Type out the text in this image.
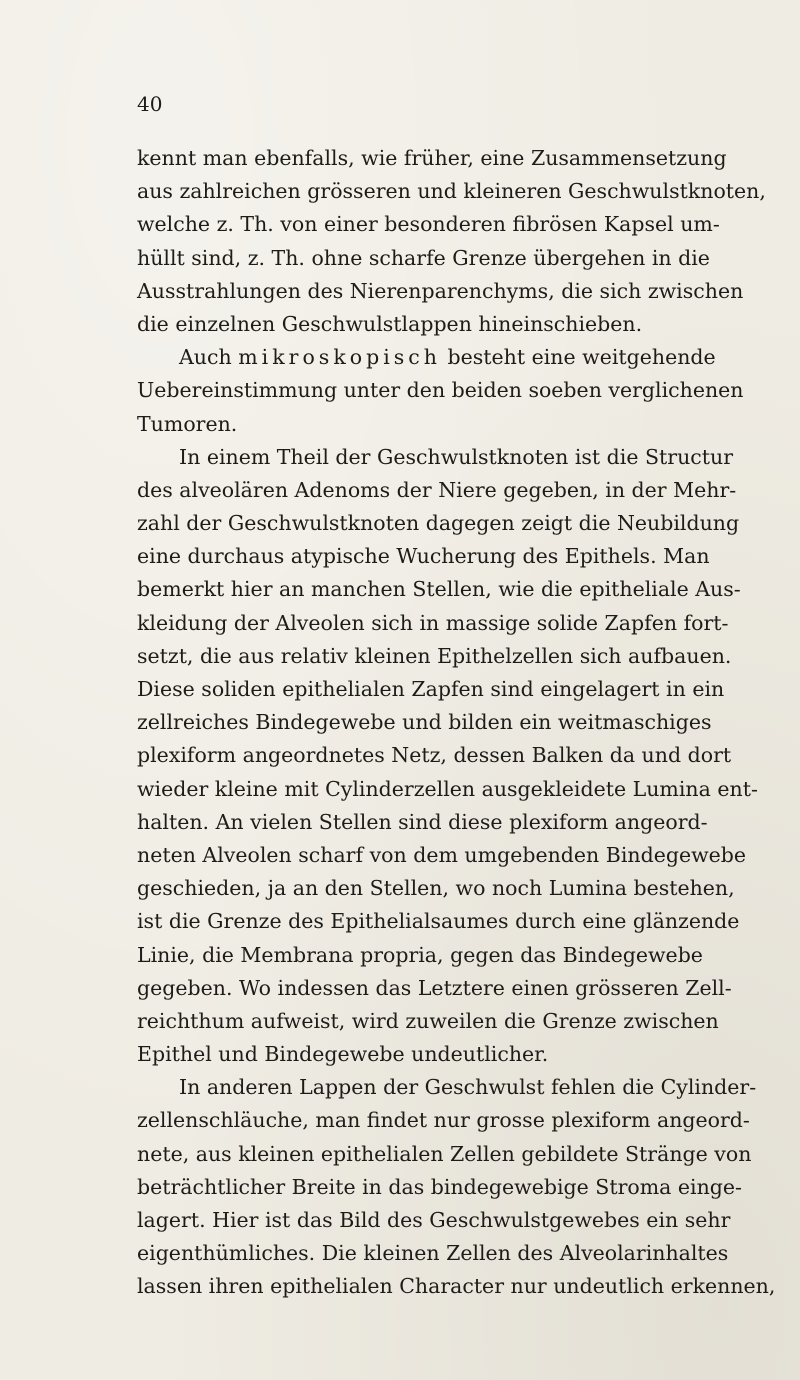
40
kennt man ebenfalls, wie früher, eine Zusammensetzung
aus zahlreichen grösseren und kleineren Geschwulstknoten,
welche z. Th. von einer besonderen fibrösen Kapsel um-
hüllt sind, z. Th. ohne scharfe Grenze übergehen in die
Ausstrahlungen des Nierenparenchyms, die sich zwischen
die einzelnen Geschwulstlappen hineinschieben.
Auch mikroskopisch besteht eine weitgehende
Uebereinstimmung unter den beiden soeben verglichenen
Tumoren.
In einem Theil der Geschwulstknoten ist die Structur
des alveolären Adenoms der Niere gegeben, in der Mehr-
zahl der Geschwulstknoten dagegen zeigt die Neubildung
eine durchaus atypische Wucherung des Epithels. Man
bemerkt hier an manchen Stellen, wie die epitheliale Aus-
kleidung der Alveolen sich in massige solide Zapfen fort-
setzt, die aus relativ kleinen Epithelzellen sich aufbauen.
Diese soliden epithelialen Zapfen sind eingelagert in ein
zellreiches Bindegewebe und bilden ein weitmaschiges
plexiform angeordnetes Netz, dessen Balken da und dort
wieder kleine mit Cylinderzellen ausgekleidete Lumina ent-
halten. An vielen Stellen sind diese plexiform angeord-
neten Alveolen scharf von dem umgebenden Bindegewebe
geschieden, ja an den Stellen, wo noch Lumina bestehen,
ist die Grenze des Epithelialsaumes durch eine glänzende
Linie, die Membrana propria, gegen das Bindegewebe
gegeben. Wo indessen das Letztere einen grösseren Zell-
reichthum aufweist, wird zuweilen die Grenze zwischen
Epithel und Bindegewebe undeutlicher.
In anderen Lappen der Geschwulst fehlen die Cylinder-
zellenschläuche, man findet nur grosse plexiform angeord-
nete, aus kleinen epithelialen Zellen gebildete Stränge von
beträchtlicher Breite in das bindegewebige Stroma einge-
lagert. Hier ist das Bild des Geschwulstgewebes ein sehr
eigenthümliches. Die kleinen Zellen des Alveolarinhaltes
lassen ihren epithelialen Character nur undeutlich erkennen,
